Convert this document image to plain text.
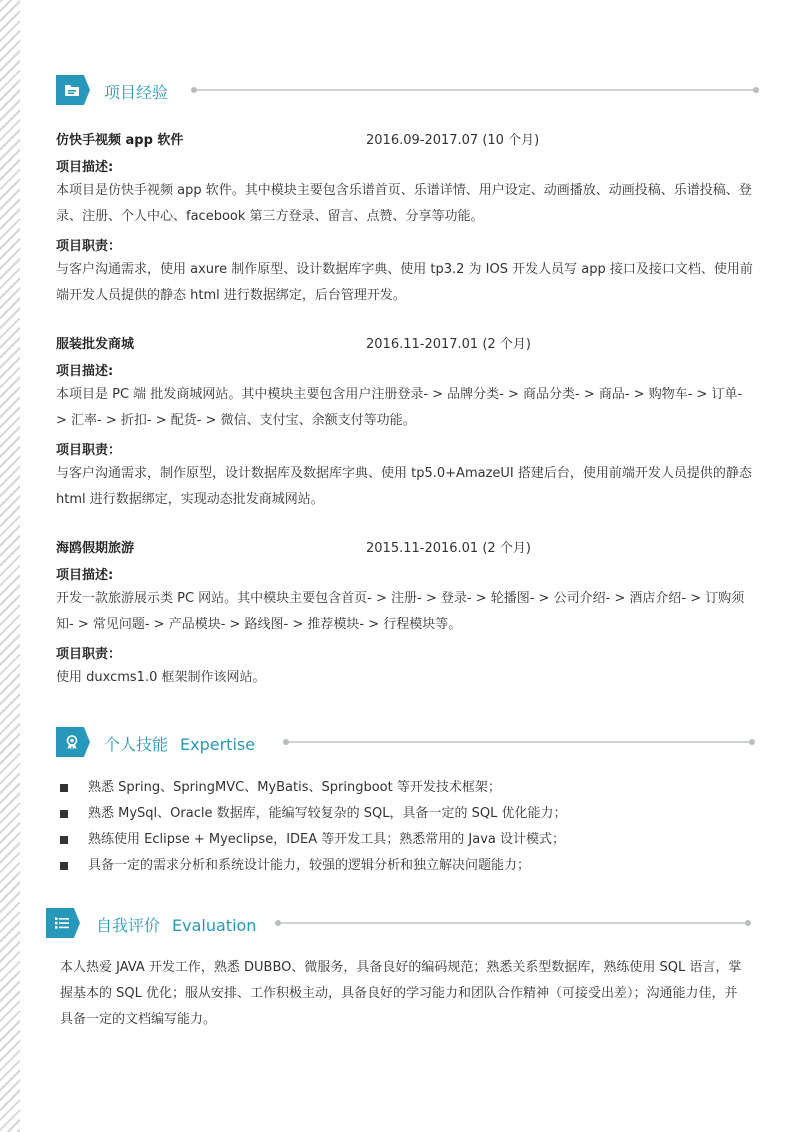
项目经验
仿快手视频 app 软件	2016.09-2017.07 (10 个月)
项目描述:

本项目是仿快手视频 app 软件。其中模块主要包含乐谱首页、乐谱详情、用户设定、动画播放、动画投稿、乐谱投稿、登录、注册、个人中心、facebook 第三方登录、留言、点赞、分享等功能。

项目职责：

与客户沟通需求，使用 axure 制作原型、设计数据库字典、使用 tp3.2 为 IOS 开发人员写 app 接口及接口文档、使用前端开发人员提供的静态 html 进行数据绑定，后台管理开发。

服装批发商城	2016.11-2017.01 (2 个月)
项目描述:

本项目是 PC 端 批发商城网站。其中模块主要包含用户注册登录- > 品牌分类- > 商品分类- > 商品- > 购物车- > 订单- > 汇率- > 折扣- > 配货- > 微信、支付宝、余额支付等功能。

项目职责：

与客户沟通需求，制作原型，设计数据库及数据库字典、使用 tp5.0+AmazeUI 搭建后台，使用前端开发人员提供的静态 html 进行数据绑定，实现动态批发商城网站。

海鸥假期旅游	2015.11-2016.01 (2 个月)
项目描述:

开发一款旅游展示类 PC 网站。其中模块主要包含首页- > 注册- > 登录- > 轮播图- > 公司介绍- > 酒店介绍- > 订购须知- > 常见问题- > 产品模块- > 路线图- > 推荐模块- > 行程模块等。

项目职责：

使用 duxcms1.0 框架制作该网站。

个人技能 Expertise
熟悉 Spring、SpringMVC、MyBatis、Springboot 等开发技术框架；
熟悉 MySql、Oracle 数据库，能编写较复杂的 SQL，具备一定的 SQL 优化能力；
熟练使用 Eclipse + Myeclipse，IDEA 等开发工具；熟悉常用的 Java 设计模式；
具备一定的需求分析和系统设计能力，较强的逻辑分析和独立解决问题能力；
自我评价 Evaluation

本人热爱 JAVA 开发工作，熟悉 DUBBO、微服务，具备良好的编码规范；熟悉关系型数据库，熟练使用 SQL 语言，掌握基本的 SQL 优化；服从安排、工作积极主动，具备良好的学习能力和团队合作精神（可接受出差）；沟通能力佳，并具备一定的文档编写能力。
